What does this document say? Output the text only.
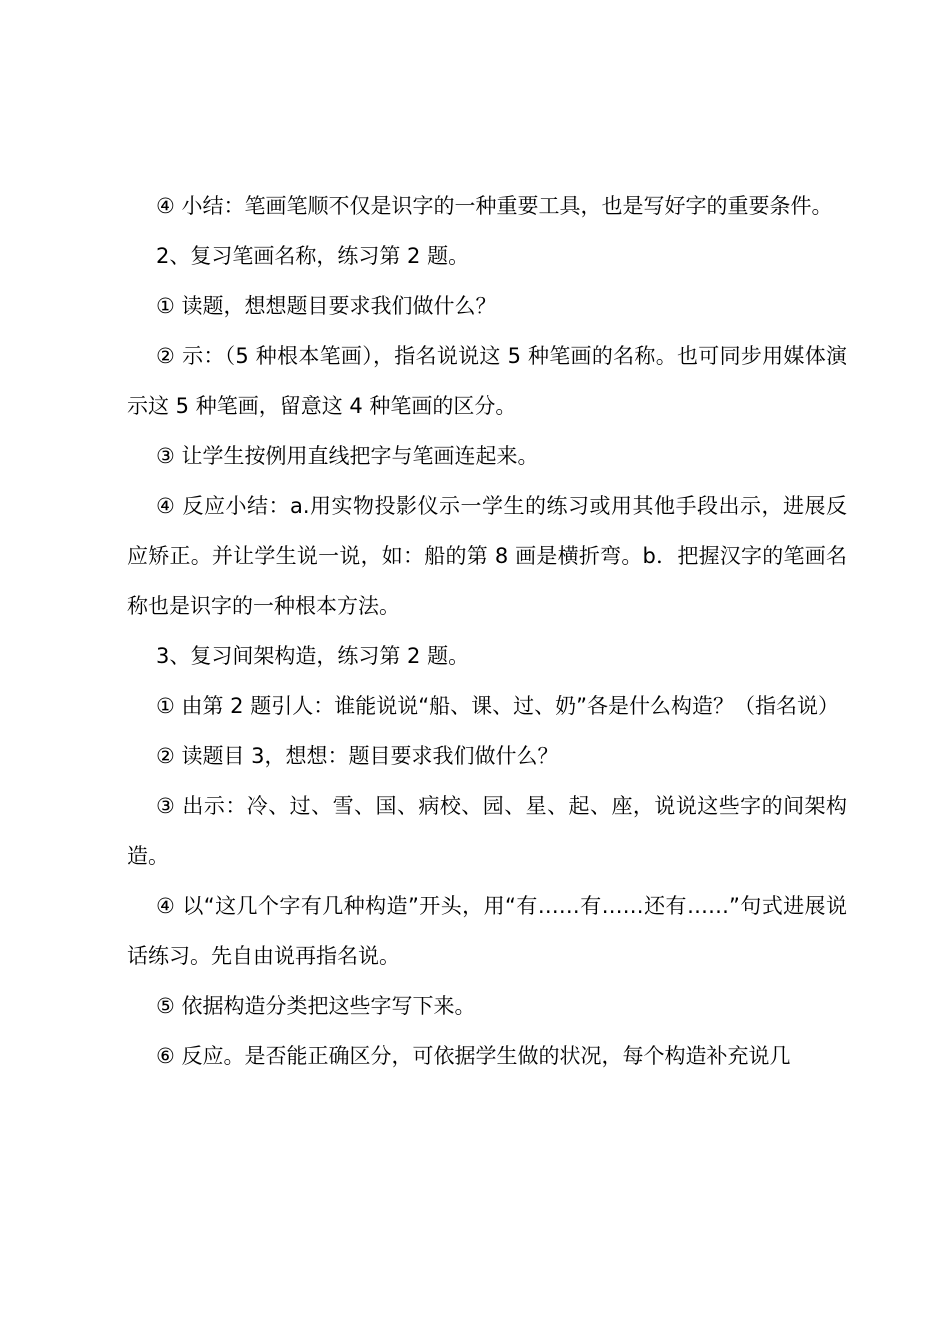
④ 小结：笔画笔顺不仅是识字的一种重要工具，也是写好字的重要条件。

2、复习笔画名称，练习第 2 题。

① 读题，想想题目要求我们做什么？

② 示：（5 种根本笔画），指名说说这 5 种笔画的名称。也可同步用媒体演示这 5 种笔画，留意这 4 种笔画的区分。

③ 让学生按例用直线把字与笔画连起来。

④ 反应小结：a.用实物投影仪示一学生的练习或用其他手段出示，进展反应矫正。并让学生说一说，如：船的第 8 画是横折弯。b．把握汉字的笔画名称也是识字的一种根本方法。

3、复习间架构造，练习第 2 题。

① 由第 2 题引人：谁能说说“船、课、过、奶”各是什么构造？（指名说）

② 读题目 3，想想：题目要求我们做什么？

③ 出示：冷、过、雪、国、病校、园、星、起、座，说说这些字的间架构造。

④ 以“这几个字有几种构造”开头，用“有……有……还有……”句式进展说话练习。先自由说再指名说。

⑤ 依据构造分类把这些字写下来。

⑥ 反应。是否能正确区分，可依据学生做的状况，每个构造补充说几
